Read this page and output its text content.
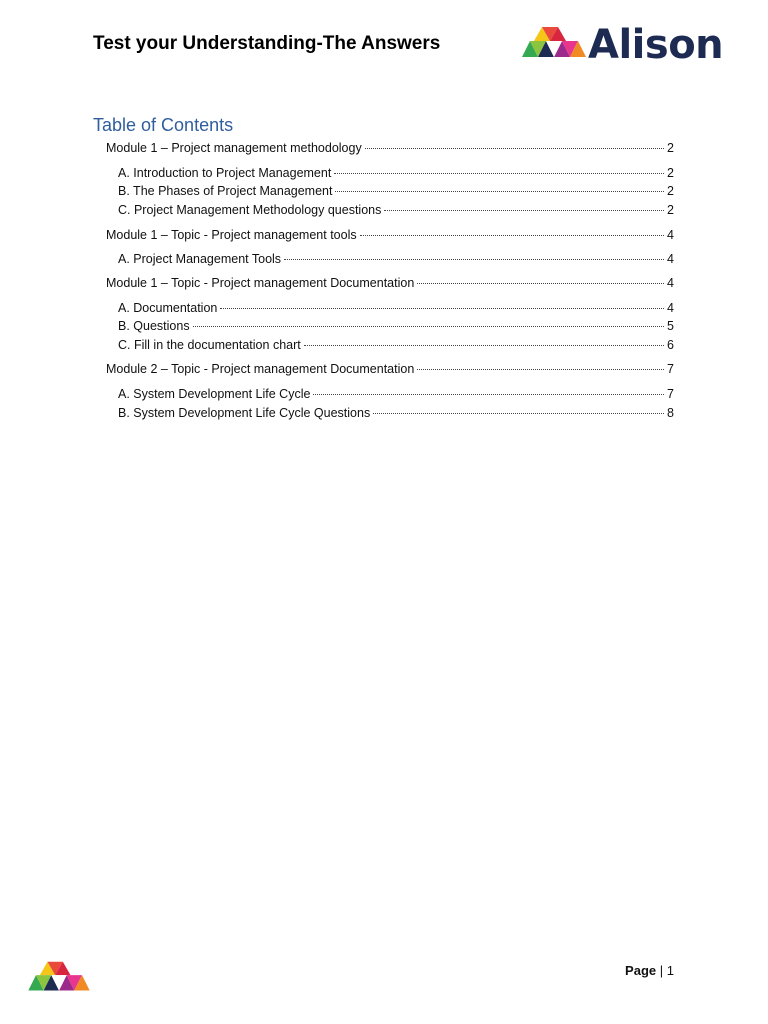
Test your Understanding-The Answers	Alison
Table of Contents
Module 1 – Project management methodology	2
A. Introduction to Project Management	2
B. The Phases of Project Management	2
C. Project Management Methodology questions	2
Module 1 – Topic - Project management tools	4
A. Project Management Tools	4
Module 1 – Topic - Project management Documentation	4
A. Documentation	4
B. Questions	5
C. Fill in the documentation chart	6
Module 2 – Topic - Project management Documentation	7
A. System Development Life Cycle	7
B. System Development Life Cycle Questions	8
Page | 1
